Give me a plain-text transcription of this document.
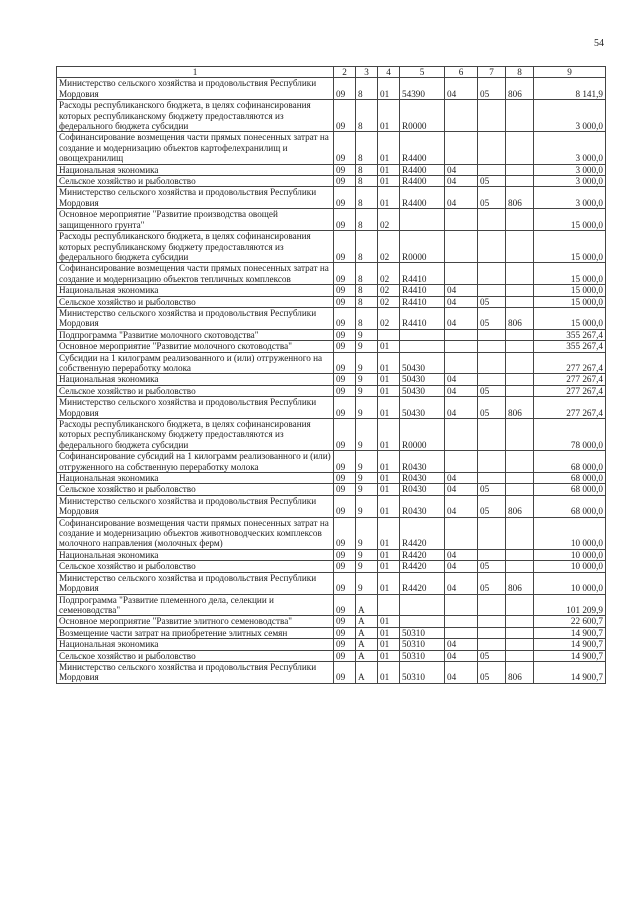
54
1	2	3	4	5	6	7	8	9
Министерство сельского хозяйства и продовольствия Республики Мордовия	09	8	01	54390	04	05	806	8 141,9
Расходы республиканского бюджета, в целях софинансирования которых республиканскому бюджету предоставляются из федерального бюджета субсидии	09	8	01	R0000				3 000,0
Софинансирование возмещения части прямых понесенных затрат на создание и модернизацию объектов картофелехранилищ и овощехранилищ	09	8	01	R4400				3 000,0
Национальная экономика	09	8	01	R4400	04			3 000,0
Сельское хозяйство и рыболовство	09	8	01	R4400	04	05		3 000,0
Министерство сельского хозяйства и продовольствия Республики Мордовия	09	8	01	R4400	04	05	806	3 000,0
Основное мероприятие "Развитие производства овощей защищенного грунта"	09	8	02					15 000,0
Расходы республиканского бюджета, в целях софинансирования которых республиканскому бюджету предоставляются из федерального бюджета субсидии	09	8	02	R0000				15 000,0
Софинансирование возмещения части прямых понесенных затрат на создание и модернизацию объектов тепличных комплексов	09	8	02	R4410				15 000,0
Национальная экономика	09	8	02	R4410	04			15 000,0
Сельское хозяйство и рыболовство	09	8	02	R4410	04	05		15 000,0
Министерство сельского хозяйства и продовольствия Республики Мордовия	09	8	02	R4410	04	05	806	15 000,0
Подпрограмма "Развитие молочного скотоводства"	09	9						355 267,4
Основное мероприятие "Развитие молочного скотоводства"	09	9	01					355 267,4
Субсидии на 1 килограмм реализованного и (или) отгруженного на собственную переработку молока	09	9	01	50430				277 267,4
Национальная экономика	09	9	01	50430	04			277 267,4
Сельское хозяйство и рыболовство	09	9	01	50430	04	05		277 267,4
Министерство сельского хозяйства и продовольствия Республики Мордовия	09	9	01	50430	04	05	806	277 267,4
Расходы республиканского бюджета, в целях софинансирования которых республиканскому бюджету предоставляются из федерального бюджета субсидии	09	9	01	R0000				78 000,0
Софинансирование субсидий на 1 килограмм реализованного и (или) отгруженного на собственную переработку молока	09	9	01	R0430				68 000,0
Национальная экономика	09	9	01	R0430	04			68 000,0
Сельское хозяйство и рыболовство	09	9	01	R0430	04	05		68 000,0
Министерство сельского хозяйства и продовольствия Республики Мордовия	09	9	01	R0430	04	05	806	68 000,0
Софинансирование возмещения части прямых понесенных затрат на создание и модернизацию объектов животноводческих комплексов молочного направления (молочных ферм)	09	9	01	R4420				10 000,0
Национальная экономика	09	9	01	R4420	04			10 000,0
Сельское хозяйство и рыболовство	09	9	01	R4420	04	05		10 000,0
Министерство сельского хозяйства и продовольствия Республики Мордовия	09	9	01	R4420	04	05	806	10 000,0
Подпрограмма "Развитие племенного дела, селекции и семеноводства"	09	А						101 209,9
Основное мероприятие "Развитие элитного семеноводства"	09	А	01					22 600,7
Возмещение части затрат на приобретение элитных семян	09	А	01	50310				14 900,7
Национальная экономика	09	А	01	50310	04			14 900,7
Сельское хозяйство и рыболовство	09	А	01	50310	04	05		14 900,7
Министерство сельского хозяйства и продовольствия Республики Мордовия	09	А	01	50310	04	05	806	14 900,7
